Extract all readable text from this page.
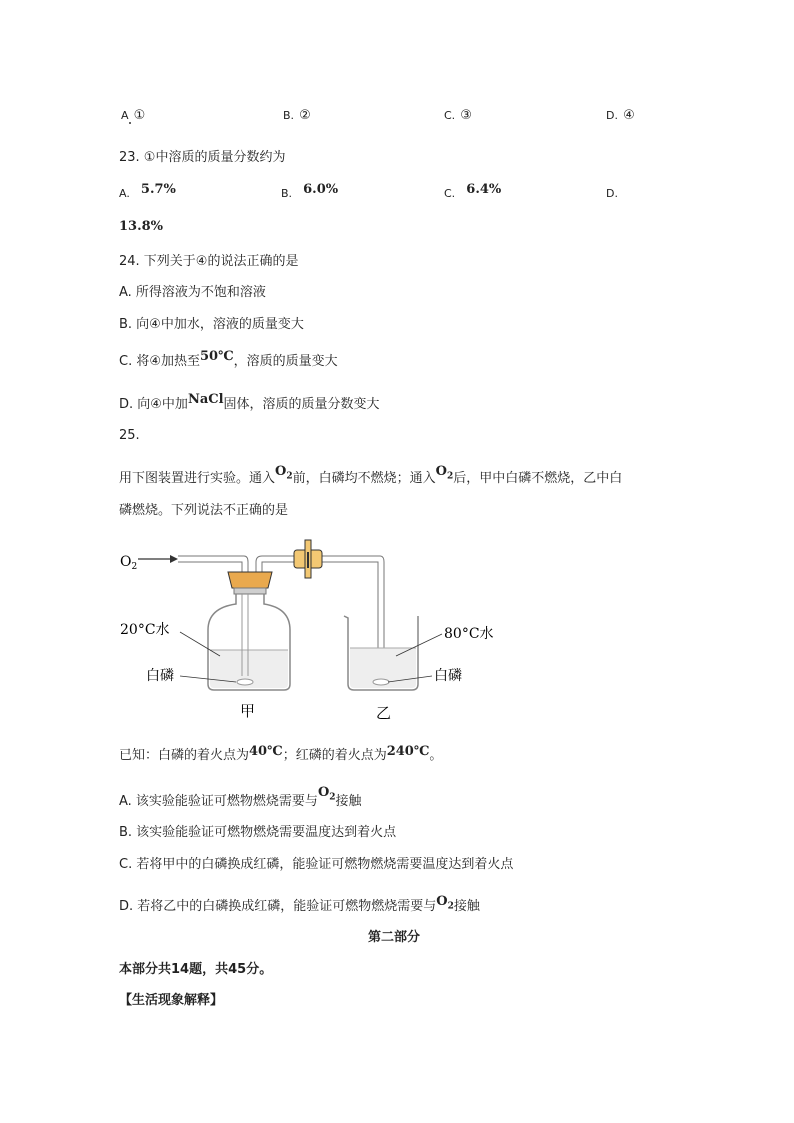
A ①	B. ②	C. ③	D. ④
23. ①中溶质的质量分数约为
A. $^{5.7\%}$	B. $^{6.0\%}$	C. $^{6.4\%}$	D.
13.8%
24. 下列关于④的说法正确的是
A. 所得溶液为不饱和溶液
B. 向④中加水，溶液的质量变大
C. 将④加热至50℃，溶质的质量变大
D. 向④中加NaCl固体，溶质的质量分数变大
25.
用下图装置进行实验。通入$O_2$前，白磷均不燃烧；通入$O_2$后，甲中白磷不燃烧，乙中白
磷燃烧。下列说法不正确的是
$O_2$
20°C水
白磷
80°C水
白磷
甲	乙
已知：白磷的着火点为40℃；红磷的着火点为240℃。
A. 该实验能验证可燃物燃烧需要与$O_2$接触
B. 该实验能验证可燃物燃烧需要温度达到着火点
C. 若将甲中的白磷换成红磷，能验证可燃物燃烧需要温度达到着火点
D. 若将乙中的白磷换成红磷，能验证可燃物燃烧需要与$O_2$接触
第二部分
本部分共14题，共45分。
【生活现象解释】
